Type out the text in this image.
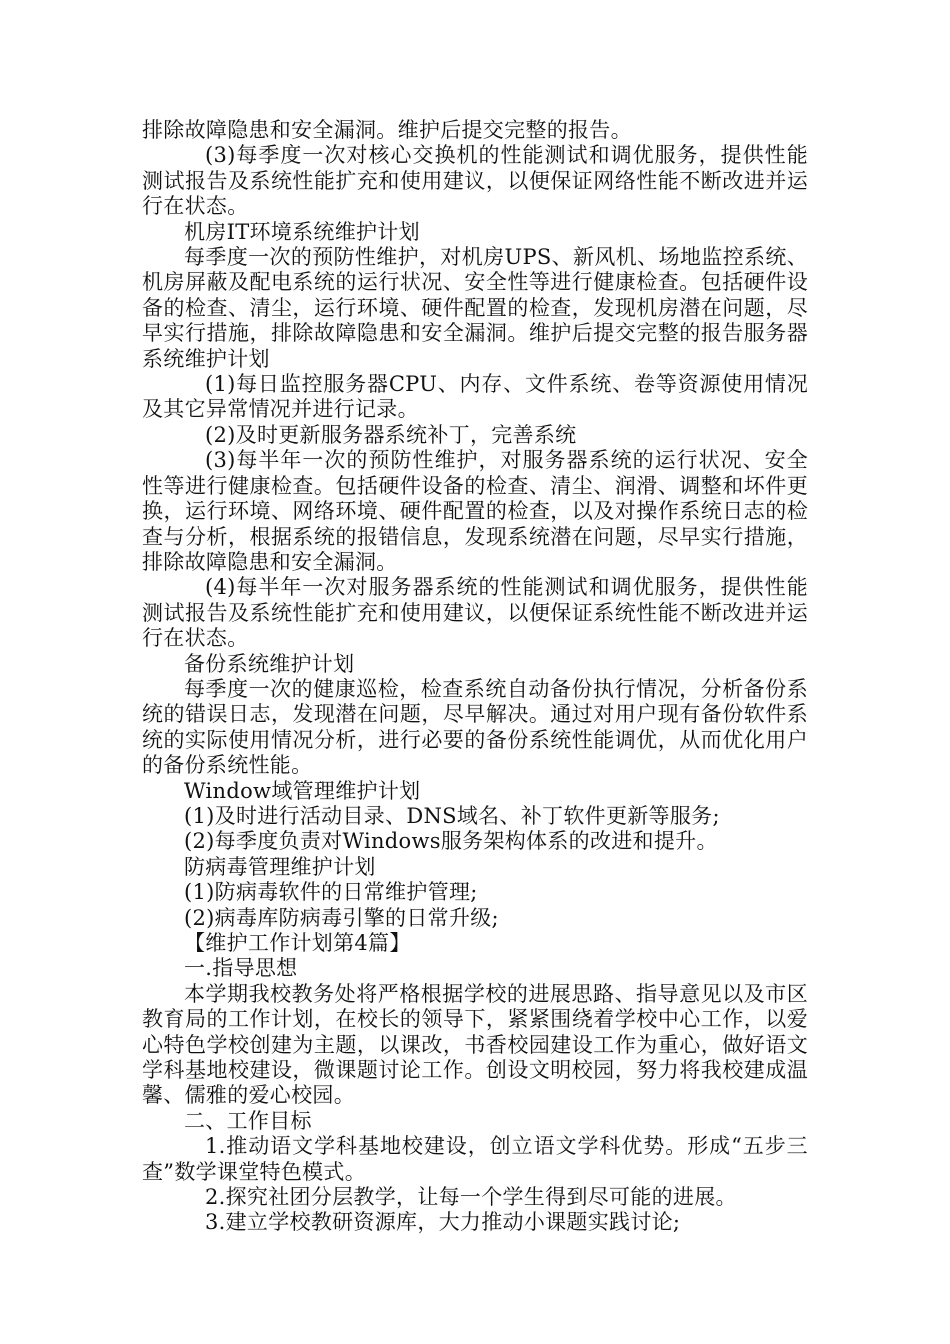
排除故障隐患和安全漏洞。维护后提交完整的报告。

(3)每季度一次对核心交换机的性能测试和调优服务，提供性能测试报告及系统性能扩充和使用建议，以便保证网络性能不断改进并运行在状态。

机房IT环境系统维护计划

每季度一次的预防性维护，对机房UPS、新风机、场地监控系统、机房屏蔽及配电系统的运行状况、安全性等进行健康检查。包括硬件设备的检查、清尘，运行环境、硬件配置的检查，发现机房潜在问题，尽早实行措施，排除故障隐患和安全漏洞。维护后提交完整的报告服务器系统维护计划

(1)每日监控服务器CPU、内存、文件系统、卷等资源使用情况及其它异常情况并进行记录。

(2)及时更新服务器系统补丁，完善系统

(3)每半年一次的预防性维护，对服务器系统的运行状况、安全性等进行健康检查。包括硬件设备的检查、清尘、润滑、调整和坏件更换，运行环境、网络环境、硬件配置的检查，以及对操作系统日志的检查与分析，根据系统的报错信息，发现系统潜在问题，尽早实行措施，排除故障隐患和安全漏洞。

(4)每半年一次对服务器系统的性能测试和调优服务，提供性能测试报告及系统性能扩充和使用建议，以便保证系统性能不断改进并运行在状态。

备份系统维护计划

每季度一次的健康巡检，检查系统自动备份执行情况，分析备份系统的错误日志，发现潜在问题，尽早解决。通过对用户现有备份软件系统的实际使用情况分析，进行必要的备份系统性能调优，从而优化用户的备份系统性能。

Window域管理维护计划

(1)及时进行活动目录、DNS域名、补丁软件更新等服务;

(2)每季度负责对Windows服务架构体系的改进和提升。

防病毒管理维护计划

(1)防病毒软件的日常维护管理;

(2)病毒库防病毒引擎的日常升级;

【维护工作计划第4篇】

一.指导思想

本学期我校教务处将严格根据学校的进展思路、指导意见以及市区教育局的工作计划，在校长的领导下，紧紧围绕着学校中心工作，以爱心特色学校创建为主题，以课改，书香校园建设工作为重心，做好语文学科基地校建设，微课题讨论工作。创设文明校园，努力将我校建成温馨、儒雅的爱心校园。

二、工作目标

1.推动语文学科基地校建设，创立语文学科优势。形成“五步三查”数学课堂特色模式。

2.探究社团分层教学，让每一个学生得到尽可能的进展。

3.建立学校教研资源库，大力推动小课题实践讨论;
